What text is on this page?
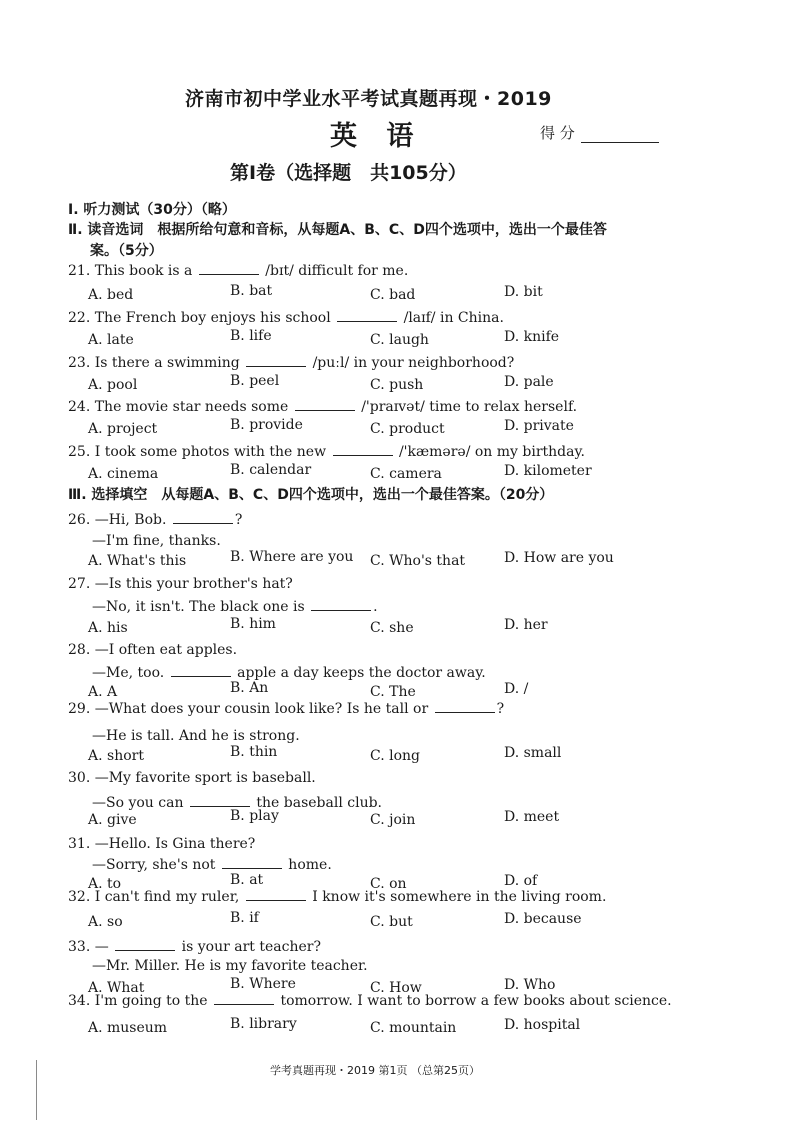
济南市初中学业水平考试真题再现・2019
英 语	得 分
第Ⅰ卷（选择题　共105分）
Ⅰ. 听力测试（30分）（略）
Ⅱ. 读音选词　根据所给句意和音标，从每题A、B、C、D四个选项中，选出一个最佳答
案。（5分）
Ⅲ. 选择填空　从每题A、B、C、D四个选项中，选出一个最佳答案。（20分）
21. This book is a	/bɪt/ difficult for me.
A. bed	B. bat	C. bad	D. bit
22. The French boy enjoys his school	/laɪf/ in China.
A. late	B. life	C. laugh	D. knife
23. Is there a swimming	/puːl/ in your neighborhood?
A. pool	B. peel	C. push	D. pale
24. The movie star needs some	/'praɪvət/ time to relax herself.
A. project	B. provide	C. product	D. private
25. I took some photos with the new	/'kæmərə/ on my birthday.
A. cinema	B. calendar	C. camera	D. kilometer
26. —Hi, Bob.	?
—I'm fine, thanks.
A. What's this	B. Where are you C. Who's that	D. How are you
27. —Is this your brother's hat?
—No, it isn't. The black one is	.
A. his	B. him	C. she	D. her
28. —I often eat apples.
—Me, too.	apple a day keeps the doctor away.
A. A	B. An	C. The	D. /
29. —What does your cousin look like? Is he tall or	?
—He is tall. And he is strong.
A. short	B. thin	C. long	D. small
30. —My favorite sport is baseball.
—So you can	the baseball club.
A. give	B. play	C. join	D. meet
31. —Hello. Is Gina there?
—Sorry, she's not	home.
A. to	B. at	C. on	D. of
32. I can't find my ruler,	I know it's somewhere in the living room.
A. so	B. if	C. but	D. because
33. —	is your art teacher?
—Mr. Miller. He is my favorite teacher.
A. What	B. Where	C. How	D. Who
34. I'm going to the	tomorrow. I want to borrow a few books about science.
A. museum	B. library	C. mountain	D. hospital
学考真题再现・2019 第1页 （总第25页）
